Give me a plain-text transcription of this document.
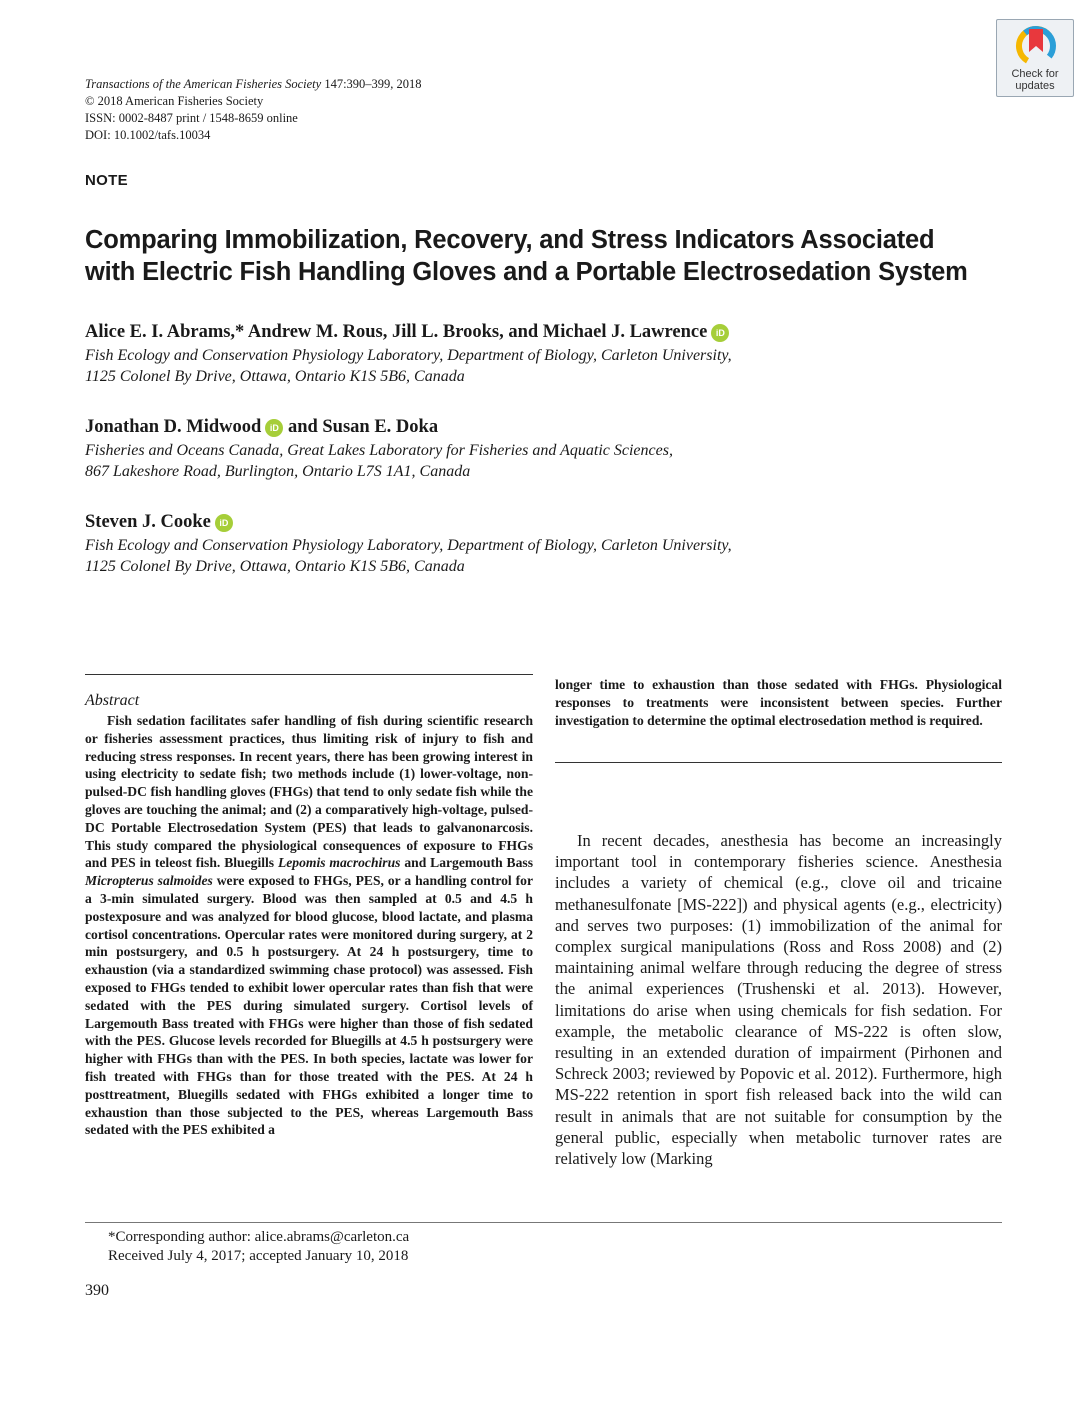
Transactions of the American Fisheries Society 147:390–399, 2018
© 2018 American Fisheries Society
ISSN: 0002-8487 print / 1548-8659 online
DOI: 10.1002/tafs.10034
Check for
updates
NOTE
Comparing Immobilization, Recovery, and Stress Indicators Associated
with Electric Fish Handling Gloves and a Portable Electrosedation System
Alice E. I. Abrams,* Andrew M. Rous, Jill L. Brooks, and Michael J. Lawrence iD
Fish Ecology and Conservation Physiology Laboratory, Department of Biology, Carleton University,
1125 Colonel By Drive, Ottawa, Ontario K1S 5B6, Canada
Jonathan D. Midwood iD and Susan E. Doka
Fisheries and Oceans Canada, Great Lakes Laboratory for Fisheries and Aquatic Sciences,
867 Lakeshore Road, Burlington, Ontario L7S 1A1, Canada
Steven J. Cooke iD
Fish Ecology and Conservation Physiology Laboratory, Department of Biology, Carleton University,
1125 Colonel By Drive, Ottawa, Ontario K1S 5B6, Canada
Abstract
Fish sedation facilitates safer handling of fish during scientific research or fisheries assessment practices, thus limiting risk of injury to fish and reducing stress responses. In recent years, there has been growing interest in using electricity to sedate fish; two methods include (1) lower-voltage, non-pulsed-DC fish handling gloves (FHGs) that tend to only sedate fish while the gloves are touching the animal; and (2) a comparatively high-voltage, pulsed-DC Portable Electrosedation System (PES) that leads to galvanonarcosis. This study compared the physiological consequences of exposure to FHGs and PES in teleost fish. Bluegills Lepomis macrochirus and Largemouth Bass Micropterus salmoides were exposed to FHGs, PES, or a handling control for a 3-min simulated surgery. Blood was then sampled at 0.5 and 4.5 h postexposure and was analyzed for blood glucose, blood lactate, and plasma cortisol concentrations. Opercular rates were monitored during surgery, at 2 min postsurgery, and 0.5 h postsurgery. At 24 h postsurgery, time to exhaustion (via a standardized swimming chase protocol) was assessed. Fish exposed to FHGs tended to exhibit lower opercular rates than fish that were sedated with the PES during simulated surgery. Cortisol levels of Largemouth Bass treated with FHGs were higher than those of fish sedated with the PES. Glucose levels recorded for Bluegills at 4.5 h postsurgery were higher with FHGs than with the PES. In both species, lactate was lower for fish treated with FHGs than for those treated with the PES. At 24 h posttreatment, Bluegills sedated with FHGs exhibited a longer time to exhaustion than those subjected to the PES, whereas Largemouth Bass sedated with the PES exhibited a
longer time to exhaustion than those sedated with FHGs. Physiological responses to treatments were inconsistent between species. Further investigation to determine the optimal electrosedation method is required.
In recent decades, anesthesia has become an increasingly important tool in contemporary fisheries science. Anesthesia includes a variety of chemical (e.g., clove oil and tricaine methanesulfonate [MS-222]) and physical agents (e.g., electricity) and serves two purposes: (1) immobilization of the animal for complex surgical manipulations (Ross and Ross 2008) and (2) maintaining animal welfare through reducing the degree of stress the animal experiences (Trushenski et al. 2013). However, limitations do arise when using chemicals for fish sedation. For example, the metabolic clearance of MS-222 is often slow, resulting in an extended duration of impairment (Pirhonen and Schreck 2003; reviewed by Popovic et al. 2012). Furthermore, high MS-222 retention in sport fish released back into the wild can result in animals that are not suitable for consumption by the general public, especially when metabolic turnover rates are relatively low (Marking
*Corresponding author: alice.abrams@carleton.ca
Received July 4, 2017; accepted January 10, 2018
390
